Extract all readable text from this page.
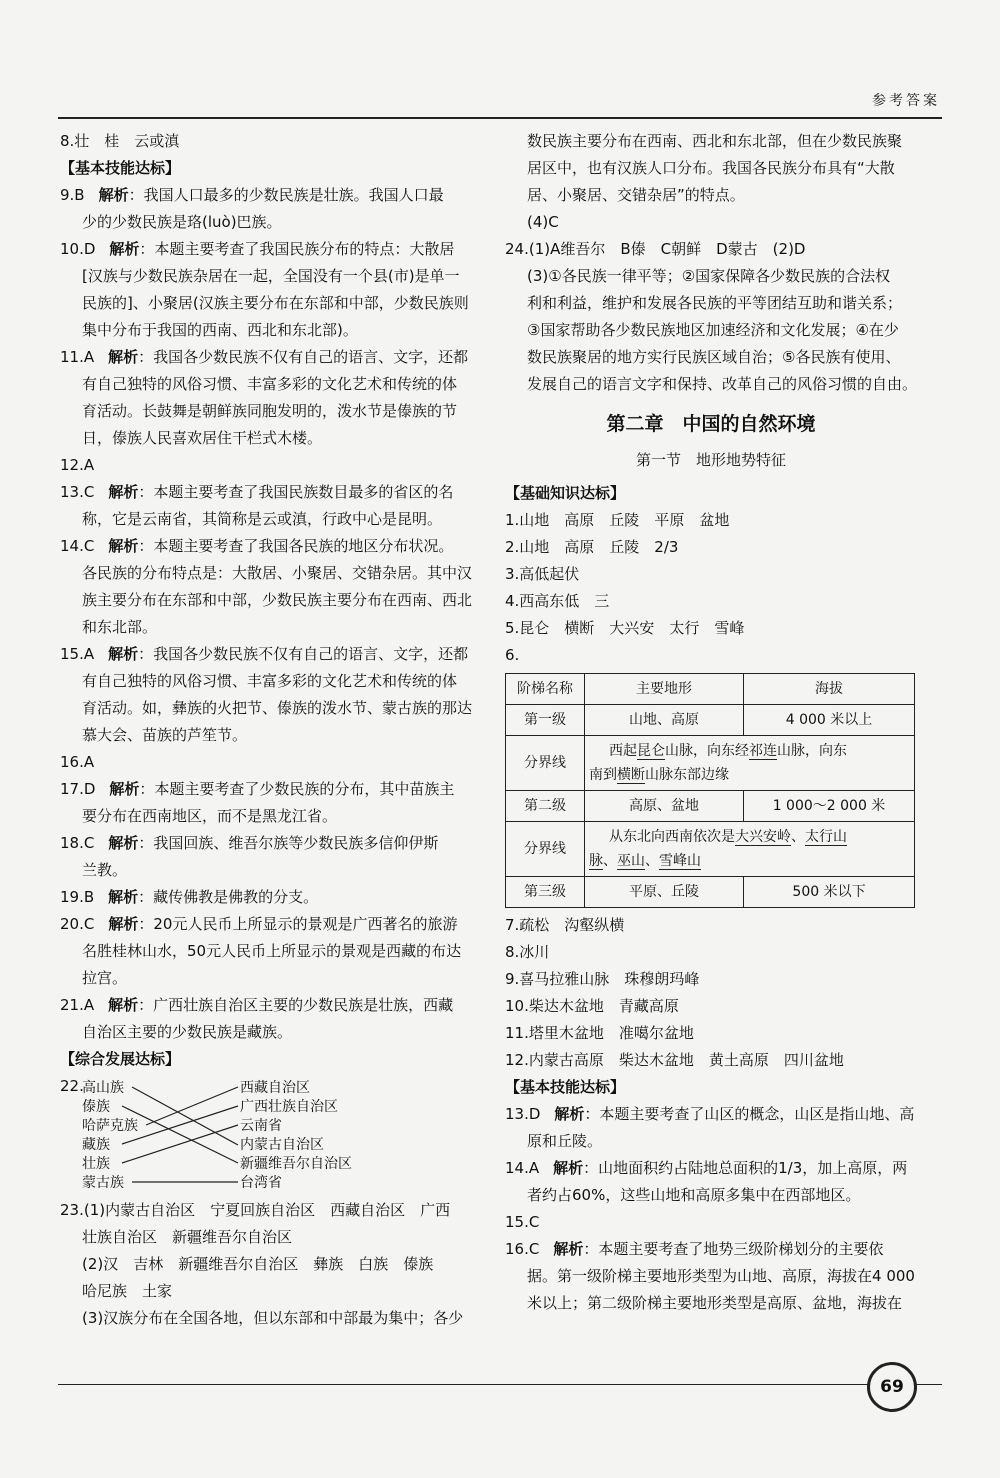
参考答案

8.壮　桂　云或滇

【基本技能达标】

9.B 解析：我国人口最多的少数民族是壮族。我国人口最

少的少数民族是珞(luò)巴族。

10.D 解析：本题主要考查了我国民族分布的特点：大散居

[汉族与少数民族杂居在一起，全国没有一个县(市)是单一

民族的]、小聚居(汉族主要分布在东部和中部，少数民族则

集中分布于我国的西南、西北和东北部)。

11.A 解析：我国各少数民族不仅有自己的语言、文字，还都

有自己独特的风俗习惯、丰富多彩的文化艺术和传统的体

育活动。长鼓舞是朝鲜族同胞发明的，泼水节是傣族的节

日，傣族人民喜欢居住干栏式木楼。

12.A

13.C 解析：本题主要考查了我国民族数目最多的省区的名

称，它是云南省，其简称是云或滇，行政中心是昆明。

14.C 解析：本题主要考查了我国各民族的地区分布状况。

各民族的分布特点是：大散居、小聚居、交错杂居。其中汉

族主要分布在东部和中部，少数民族主要分布在西南、西北

和东北部。

15.A 解析：我国各少数民族不仅有自己的语言、文字，还都

有自己独特的风俗习惯、丰富多彩的文化艺术和传统的体

育活动。如，彝族的火把节、傣族的泼水节、蒙古族的那达

慕大会、苗族的芦笙节。

16.A

17.D 解析：本题主要考查了少数民族的分布，其中苗族主

要分布在西南地区，而不是黑龙江省。

18.C 解析：我国回族、维吾尔族等少数民族多信仰伊斯

兰教。

19.B 解析：藏传佛教是佛教的分支。

20.C 解析：20元人民币上所显示的景观是广西著名的旅游

名胜桂林山水，50元人民币上所显示的景观是西藏的布达

拉宫。

21.A 解析：广西壮族自治区主要的少数民族是壮族，西藏

自治区主要的少数民族是藏族。

【综合发展达标】

22.
高山族
傣族
哈萨克族
藏族
壮族
蒙古族
西藏自治区
广西壮族自治区
云南省
内蒙古自治区
新疆维吾尔自治区
台湾省

23.(1)内蒙古自治区　宁夏回族自治区　西藏自治区　广西

壮族自治区　新疆维吾尔自治区

(2)汉　吉林　新疆维吾尔自治区　彝族　白族　傣族

哈尼族　土家

(3)汉族分布在全国各地，但以东部和中部最为集中；各少

数民族主要分布在西南、西北和东北部，但在少数民族聚

居区中，也有汉族人口分布。我国各民族分布具有“大散

居、小聚居、交错杂居”的特点。

(4)C

24.(1)A维吾尔　B傣　C朝鲜　D蒙古　(2)D

(3)①各民族一律平等；②国家保障各少数民族的合法权

利和利益，维护和发展各民族的平等团结互助和谐关系；

③国家帮助各少数民族地区加速经济和文化发展；④在少

数民族聚居的地方实行民族区域自治；⑤各民族有使用、

发展自己的语言文字和保持、改革自己的风俗习惯的自由。

第二章　中国的自然环境
第一节　地形地势特征

【基础知识达标】

1.山地　高原　丘陵　平原　盆地

2.山地　高原　丘陵　2/3

3.高低起伏

4.西高东低　三

5.昆仑　横断　大兴安　太行　雪峰

6.

阶梯名称	主要地形	海拔
第一级	山地、高原	4 000 米以上
分界线	西起昆仑山脉，向东经祁连山脉，向东
南到横断山脉东部边缘	
第二级	高原、盆地	1 000～2 000 米
分界线	从东北向西南依次是大兴安岭、太行山
脉、巫山、雪峰山	
第三级	平原、丘陵	500 米以下

7.疏松　沟壑纵横

8.冰川

9.喜马拉雅山脉　珠穆朗玛峰

10.柴达木盆地　青藏高原

11.塔里木盆地　准噶尔盆地

12.内蒙古高原　柴达木盆地　黄土高原　四川盆地

【基本技能达标】

13.D 解析：本题主要考查了山区的概念，山区是指山地、高

原和丘陵。

14.A 解析：山地面积约占陆地总面积的1/3，加上高原，两

者约占60%，这些山地和高原多集中在西部地区。

15.C

16.C 解析：本题主要考查了地势三级阶梯划分的主要依

据。第一级阶梯主要地形类型为山地、高原，海拔在4 000

米以上；第二级阶梯主要地形类型是高原、盆地，海拔在

69
